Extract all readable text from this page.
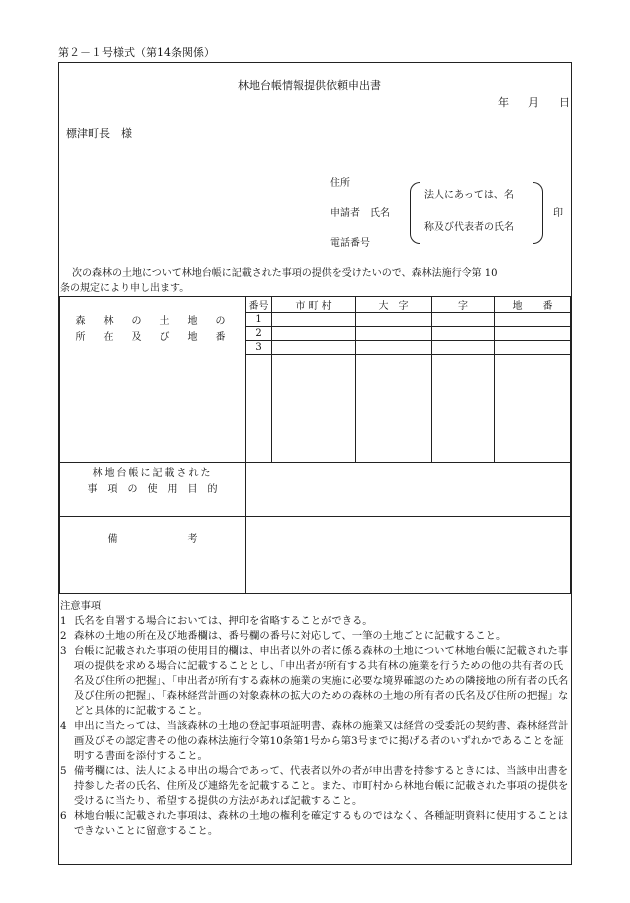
第２－１号様式（第14条関係）
林地台帳情報提供依頼申出書
年 月 日
標津町長　様
住所
申請者　氏名
電話番号
法人にあっては、名
称及び代表者の氏名
印
次の森林の土地について林地台帳に記載された事項の提供を受けたいので、森林法施行令第 10
条の規定により申し出ます。
森　林　の　土　地　の
所　在　及　び　地　番	番号	市 町 村	大　字	字	地　　番
	1				
	2				
	3				

林地台帳に記載された
事　項　の　使　用　目　的					

備　　　　　　　考					

注意事項
1 氏名を自署する場合においては、押印を省略することができる。
2 森林の土地の所在及び地番欄は、番号欄の番号に対応して、一筆の土地ごとに記載すること。
3 台帳に記載された事項の使用目的欄は、申出者以外の者に係る森林の土地について林地台帳に記載された事項の提供を求める場合に記載することとし、「申出者が所有する共有林の施業を行うための他の共有者の氏名及び住所の把握」、「申出者が所有する森林の施業の実施に必要な境界確認のための隣接地の所有者の氏名及び住所の把握」、「森林経営計画の対象森林の拡大のための森林の土地の所有者の氏名及び住所の把握」などと具体的に記載すること。
4 申出に当たっては、当該森林の土地の登記事項証明書、森林の施業又は経営の受委託の契約書、森林経営計画及びその認定書その他の森林法施行令第10条第1号から第3号までに掲げる者のいずれかであることを証明する書面を添付すること。
5 備考欄には、法人による申出の場合であって、代表者以外の者が申出書を持参するときには、当該申出書を持参した者の氏名、住所及び連絡先を記載すること。また、市町村から林地台帳に記載された事項の提供を受けるに当たり、希望する提供の方法があれば記載すること。
6 林地台帳に記載された事項は、森林の土地の権利を確定するものではなく、各種証明資料に使用することはできないことに留意すること。
